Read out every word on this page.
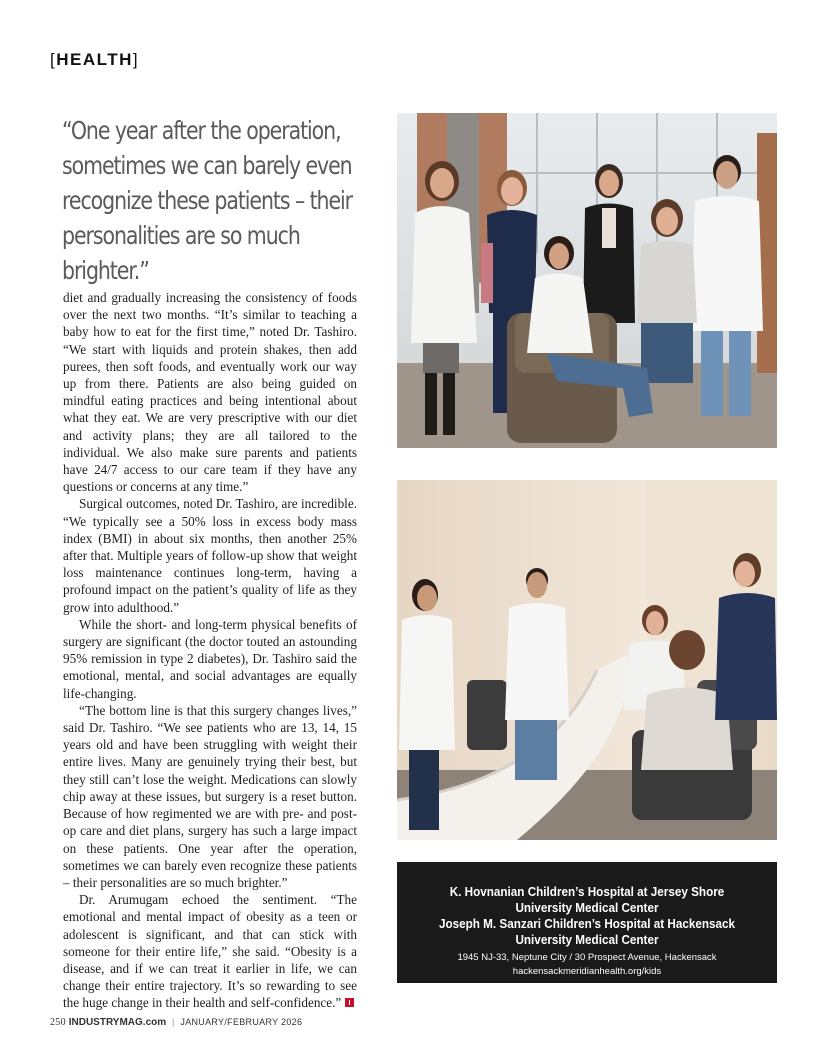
[HEALTH]

“One year after the operation, sometimes we can barely even recognize these patients – their personalities are so much brighter.”

diet and gradually increasing the consistency of foods over the next two months. “It’s similar to teaching a baby how to eat for the first time,” noted Dr. Tashiro. “We start with liquids and protein shakes, then add purees, then soft foods, and eventually work our way up from there. Patients are also being guided on mindful eating practices and being intentional about what they eat. We are very prescriptive with our diet and activity plans; they are all tailored to the individual. We also make sure parents and patients have 24/7 access to our care team if they have any questions or concerns at any time.”

Surgical outcomes, noted Dr. Tashiro, are incredible. “We typically see a 50% loss in excess body mass index (BMI) in about six months, then another 25% after that. Multiple years of follow-up show that weight loss maintenance continues long-term, having a profound impact on the patient’s quality of life as they grow into adulthood.”

While the short- and long-term physical benefits of surgery are significant (the doctor touted an astounding 95% remission in type 2 diabetes), Dr. Tashiro said the emotional, mental, and social advantages are equally life-changing.

“The bottom line is that this surgery changes lives,” said Dr. Tashiro. “We see patients who are 13, 14, 15 years old and have been struggling with weight their entire lives. Many are genuinely trying their best, but they still can’t lose the weight. Medications can slowly chip away at these issues, but surgery is a reset button. Because of how regimented we are with pre- and post-op care and diet plans, surgery has such a large impact on these patients. One year after the operation, sometimes we can barely even recognize these patients – their personalities are so much brighter.”

Dr. Arumugam echoed the sentiment. “The emotional and mental impact of obesity as a teen or adolescent is significant, and that can stick with someone for their entire life,” she said. “Obesity is a disease, and if we can treat it earlier in life, we can change their entire trajectory. It’s so rewarding to see the huge change in their health and self-confidence.”

K. Hovnanian Children’s Hospital at Jersey Shore University Medical Center
Joseph M. Sanzari Children’s Hospital at Hackensack University Medical Center
1945 NJ-33, Neptune City / 30 Prospect Avenue, Hackensack
hackensackmeridianhealth.org/kids
250 INDUSTRYMAG.com | JANUARY/FEBRUARY 2026
